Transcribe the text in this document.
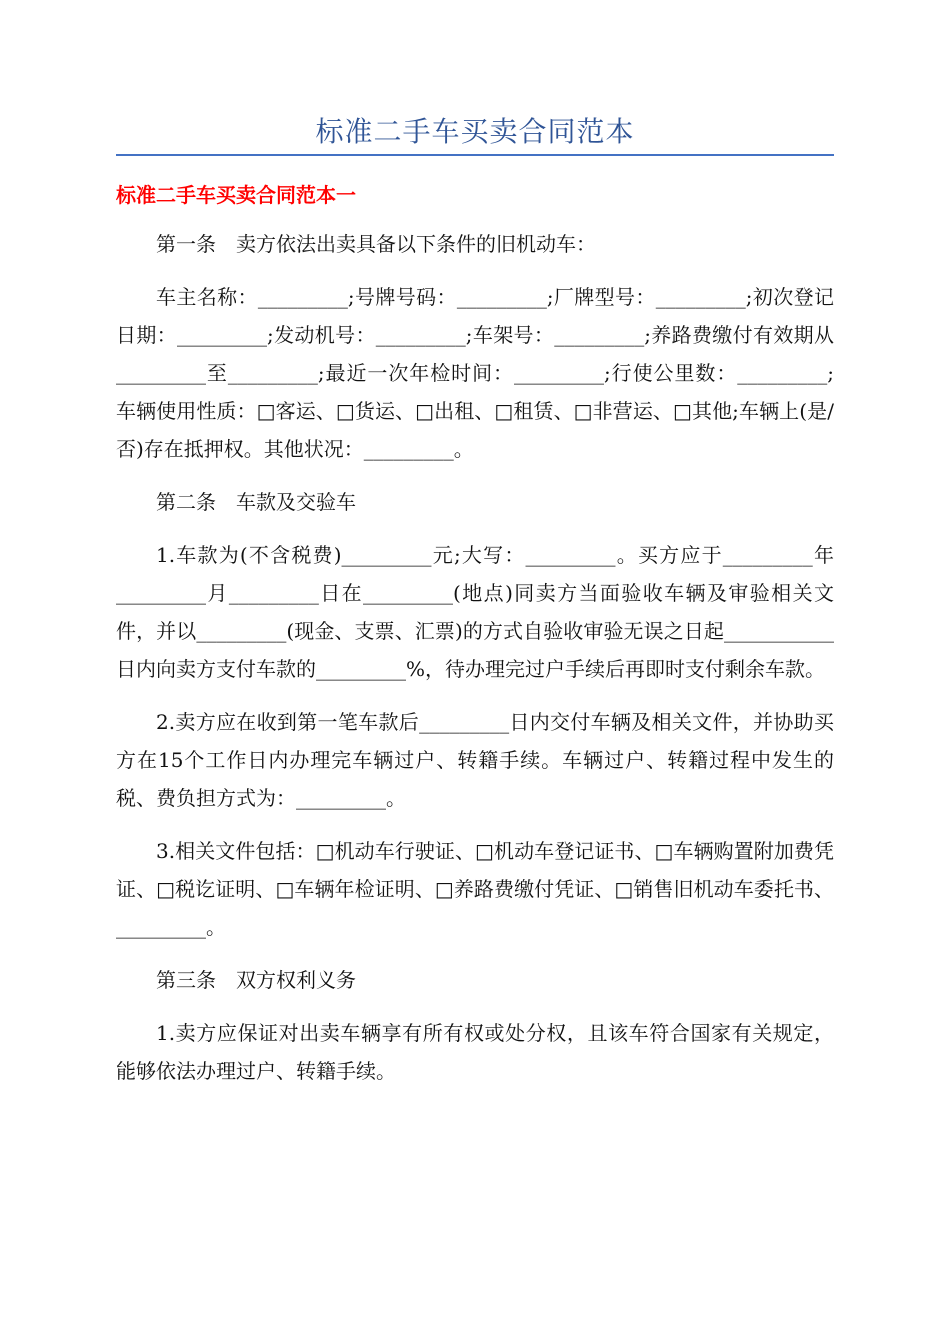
标准二手车买卖合同范本
标准二手车买卖合同范本一

第一条　卖方依法出卖具备以下条件的旧机动车：

车主名称：_________;号牌号码：_________;厂牌型号：_________;初次登记日期：_________;发动机号：_________;车架号：_________;养路费缴付有效期从_________至_________;最近一次年检时间：_________;行使公里数：_________;车辆使用性质：□客运、□货运、□出租、□租赁、□非营运、□其他;车辆上(是/否)存在抵押权。其他状况：_________。

第二条　车款及交验车

1.车款为(不含税费)_________元;大写：_________。买方应于_________年_________月_________日在_________(地点)同卖方当面验收车辆及审验相关文件，并以_________(现金、支票、汇票)的方式自验收审验无误之日起___________日内向卖方支付车款的_________%，待办理完过户手续后再即时支付剩余车款。

2.卖方应在收到第一笔车款后_________日内交付车辆及相关文件，并协助买方在15个工作日内办理完车辆过户、转籍手续。车辆过户、转籍过程中发生的税、费负担方式为：_________。

3.相关文件包括：□机动车行驶证、□机动车登记证书、□车辆购置附加费凭证、□税讫证明、□车辆年检证明、□养路费缴付凭证、□销售旧机动车委托书、_________。

第三条　双方权利义务

1.卖方应保证对出卖车辆享有所有权或处分权，且该车符合国家有关规定，能够依法办理过户、转籍手续。
